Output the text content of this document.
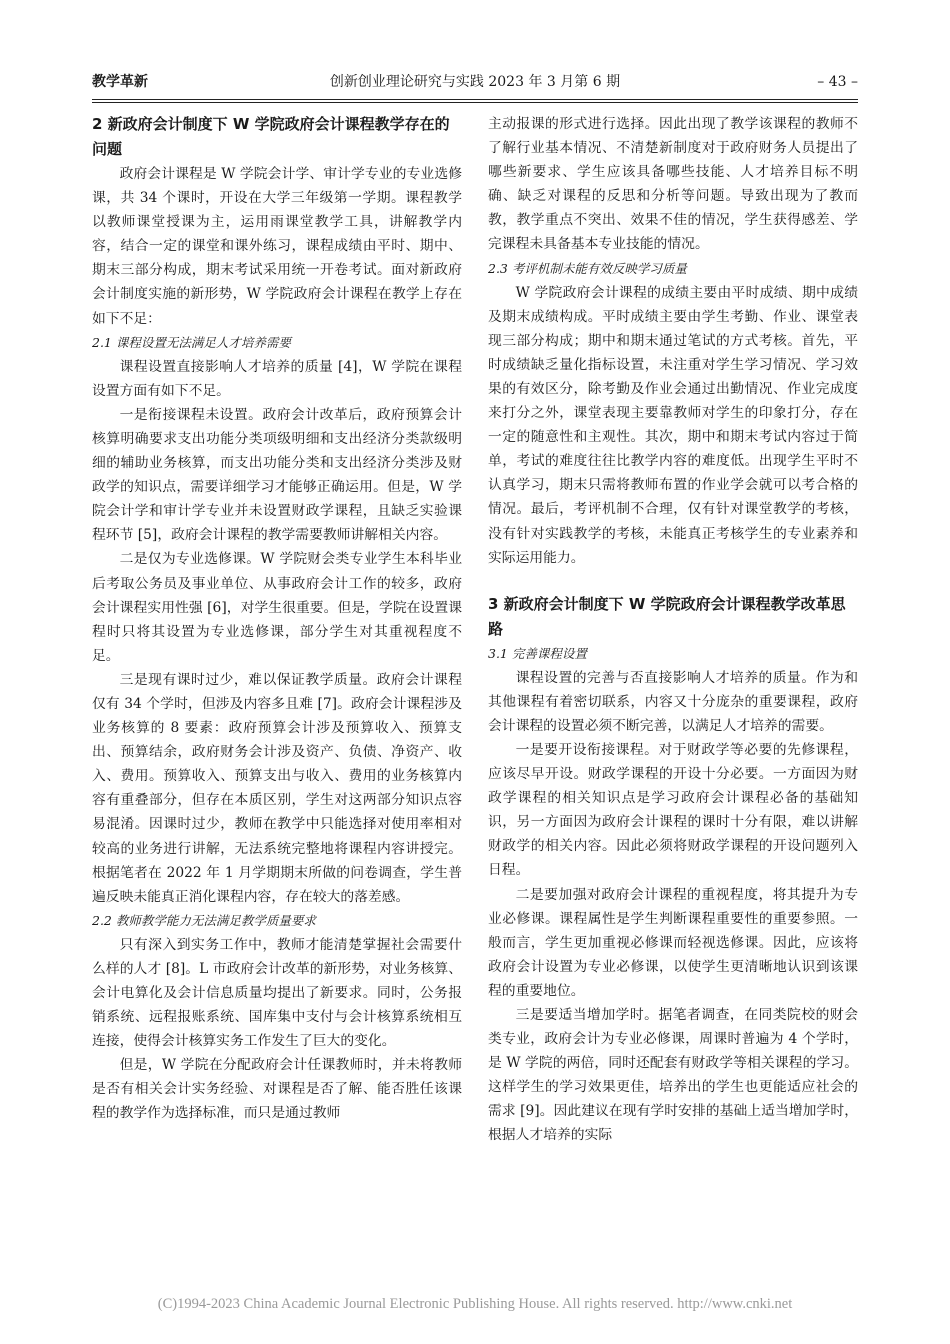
教学革新	创新创业理论研究与实践 2023 年 3 月第 6 期	– 43 –
2 新政府会计制度下 W 学院政府会计课程教学存在的问题

政府会计课程是 W 学院会计学、审计学专业的专业选修课，共 34 个课时，开设在大学三年级第一学期。课程教学以教师课堂授课为主，运用雨课堂教学工具，讲解教学内容，结合一定的课堂和课外练习，课程成绩由平时、期中、期末三部分构成，期末考试采用统一开卷考试。面对新政府会计制度实施的新形势，W 学院政府会计课程在教学上存在如下不足：

2.1 课程设置无法满足人才培养需要

课程设置直接影响人才培养的质量 [4]，W 学院在课程设置方面有如下不足。

一是衔接课程未设置。政府会计改革后，政府预算会计核算明确要求支出功能分类项级明细和支出经济分类款级明细的辅助业务核算，而支出功能分类和支出经济分类涉及财政学的知识点，需要详细学习才能够正确运用。但是，W 学院会计学和审计学专业并未设置财政学课程，且缺乏实验课程环节 [5]，政府会计课程的教学需要教师讲解相关内容。

二是仅为专业选修课。W 学院财会类专业学生本科毕业后考取公务员及事业单位、从事政府会计工作的较多，政府会计课程实用性强 [6]，对学生很重要。但是，学院在设置课程时只将其设置为专业选修课，部分学生对其重视程度不足。

三是现有课时过少，难以保证教学质量。政府会计课程仅有 34 个学时，但涉及内容多且难 [7]。政府会计课程涉及业务核算的 8 要素：政府预算会计涉及预算收入、预算支出、预算结余，政府财务会计涉及资产、负债、净资产、收入、费用。预算收入、预算支出与收入、费用的业务核算内容有重叠部分，但存在本质区别，学生对这两部分知识点容易混淆。因课时过少，教师在教学中只能选择对使用率相对较高的业务进行讲解，无法系统完整地将课程内容讲授完。根据笔者在 2022 年 1 月学期期末所做的问卷调查，学生普遍反映未能真正消化课程内容，存在较大的落差感。

2.2 教师教学能力无法满足教学质量要求

只有深入到实务工作中，教师才能清楚掌握社会需要什么样的人才 [8]。L 市政府会计改革的新形势，对业务核算、会计电算化及会计信息质量均提出了新要求。同时，公务报销系统、远程报账系统、国库集中支付与会计核算系统相互连接，使得会计核算实务工作发生了巨大的变化。

但是，W 学院在分配政府会计任课教师时，并未将教师是否有相关会计实务经验、对课程是否了解、能否胜任该课程的教学作为选择标准，而只是通过教师

主动报课的形式进行选择。因此出现了教学该课程的教师不了解行业基本情况、不清楚新制度对于政府财务人员提出了哪些新要求、学生应该具备哪些技能、人才培养目标不明确、缺乏对课程的反思和分析等问题。导致出现为了教而教，教学重点不突出、效果不佳的情况，学生获得感差、学完课程未具备基本专业技能的情况。

2.3 考评机制未能有效反映学习质量

W 学院政府会计课程的成绩主要由平时成绩、期中成绩及期末成绩构成。平时成绩主要由学生考勤、作业、课堂表现三部分构成；期中和期末通过笔试的方式考核。首先，平时成绩缺乏量化指标设置，未注重对学生学习情况、学习效果的有效区分，除考勤及作业会通过出勤情况、作业完成度来打分之外，课堂表现主要靠教师对学生的印象打分，存在一定的随意性和主观性。其次，期中和期末考试内容过于简单，考试的难度往往比教学内容的难度低。出现学生平时不认真学习，期末只需将教师布置的作业学会就可以考合格的情况。最后，考评机制不合理，仅有针对课堂教学的考核，没有针对实践教学的考核，未能真正考核学生的专业素养和实际运用能力。

3 新政府会计制度下 W 学院政府会计课程教学改革思路
3.1 完善课程设置

课程设置的完善与否直接影响人才培养的质量。作为和其他课程有着密切联系，内容又十分庞杂的重要课程，政府会计课程的设置必须不断完善，以满足人才培养的需要。

一是要开设衔接课程。对于财政学等必要的先修课程，应该尽早开设。财政学课程的开设十分必要。一方面因为财政学课程的相关知识点是学习政府会计课程必备的基础知识，另一方面因为政府会计课程的课时十分有限，难以讲解财政学的相关内容。因此必须将财政学课程的开设问题列入日程。

二是要加强对政府会计课程的重视程度，将其提升为专业必修课。课程属性是学生判断课程重要性的重要参照。一般而言，学生更加重视必修课而轻视选修课。因此，应该将政府会计设置为专业必修课，以使学生更清晰地认识到该课程的重要地位。

三是要适当增加学时。据笔者调查，在同类院校的财会类专业，政府会计为专业必修课，周课时普遍为 4 个学时，是 W 学院的两倍，同时还配套有财政学等相关课程的学习。这样学生的学习效果更佳，培养出的学生也更能适应社会的需求 [9]。因此建议在现有学时安排的基础上适当增加学时，根据人才培养的实际

(C)1994-2023 China Academic Journal Electronic Publishing House. All rights reserved. http://www.cnki.net
